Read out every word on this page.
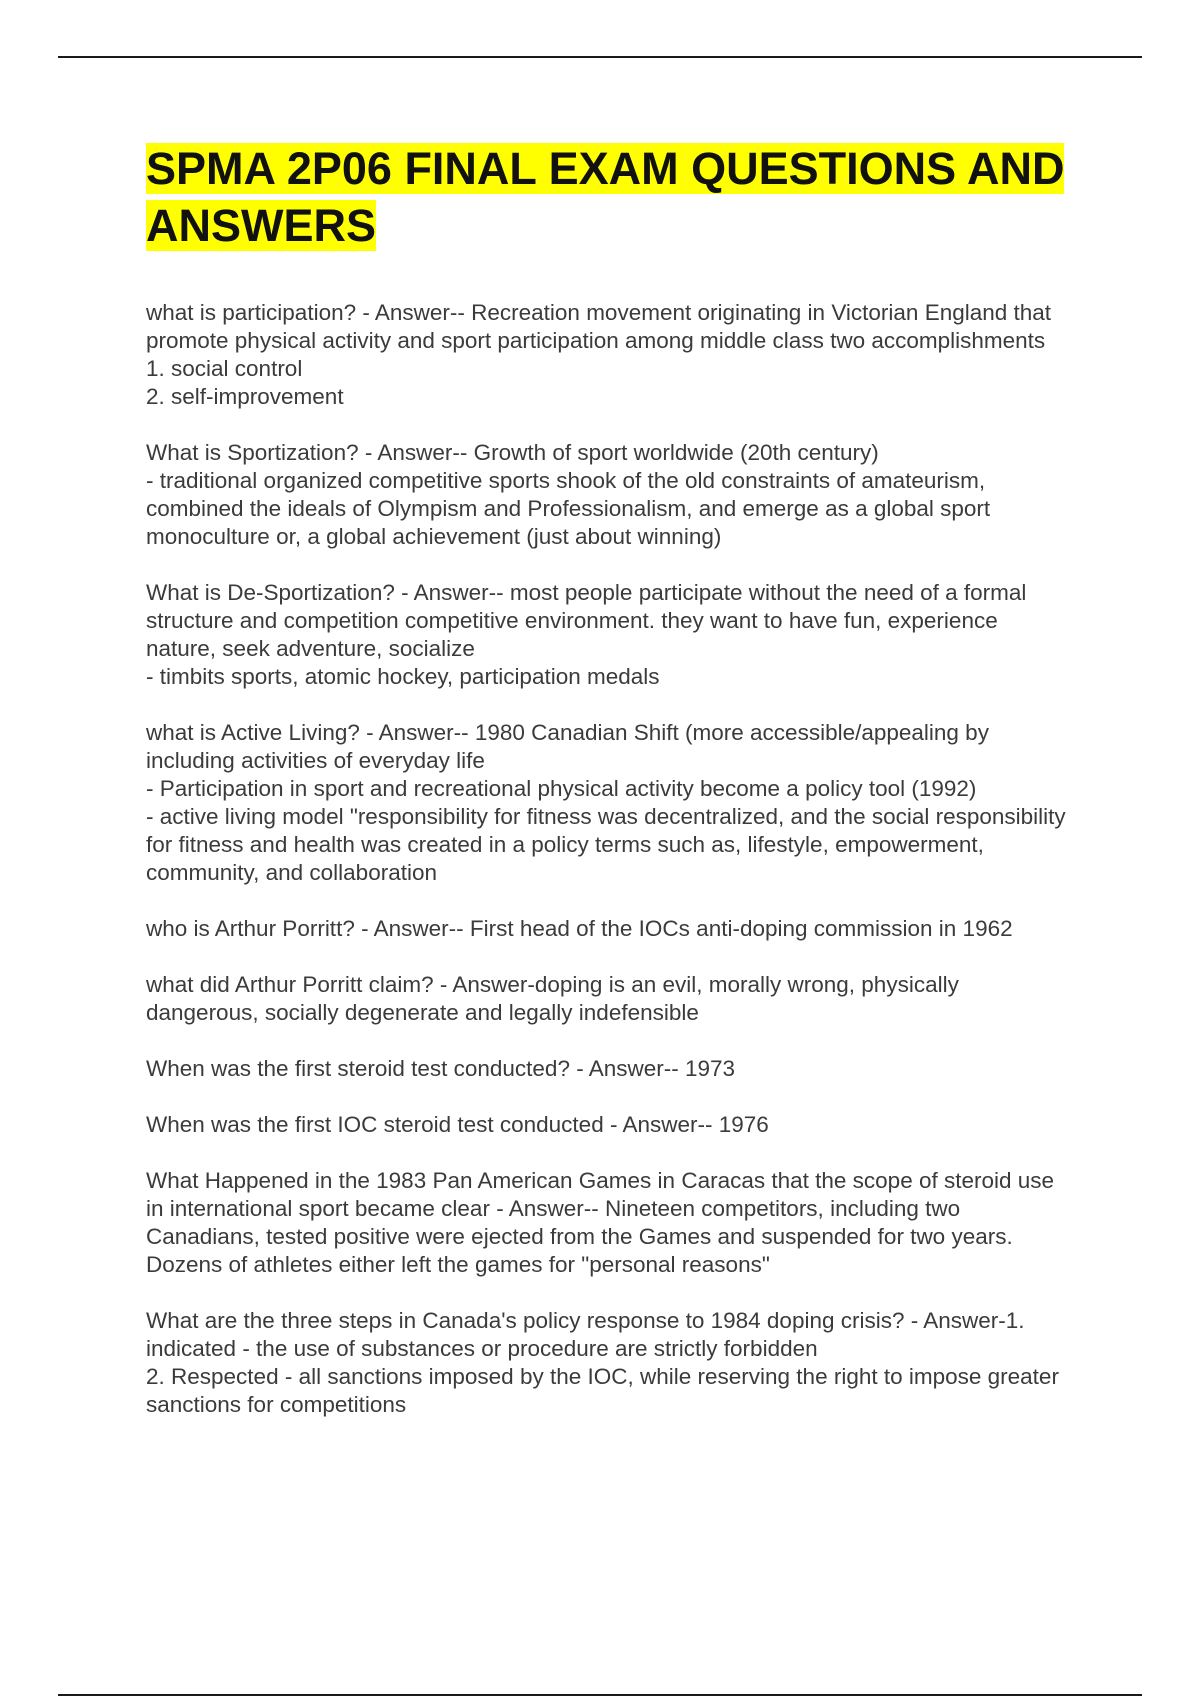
SPMA 2P06 FINAL EXAM QUESTIONS AND ANSWERS

what is participation? - Answer-- Recreation movement originating in Victorian England that promote physical activity and sport participation among middle class two accomplishments
1. social control
2. self-improvement

What is Sportization? - Answer-- Growth of sport worldwide (20th century)
- traditional organized competitive sports shook of the old constraints of amateurism, combined the ideals of Olympism and Professionalism, and emerge as a global sport monoculture or, a global achievement (just about winning)

What is De-Sportization? - Answer-- most people participate without the need of a formal structure and competition competitive environment. they want to have fun, experience nature, seek adventure, socialize
- timbits sports, atomic hockey, participation medals

what is Active Living? - Answer-- 1980 Canadian Shift (more accessible/appealing by including activities of everyday life
- Participation in sport and recreational physical activity become a policy tool (1992)
- active living model "responsibility for fitness was decentralized, and the social responsibility for fitness and health was created in a policy terms such as, lifestyle, empowerment, community, and collaboration

who is Arthur Porritt? - Answer-- First head of the IOCs anti-doping commission in 1962

what did Arthur Porritt claim? - Answer-doping is an evil, morally wrong, physically dangerous, socially degenerate and legally indefensible

When was the first steroid test conducted? - Answer-- 1973

When was the first IOC steroid test conducted - Answer-- 1976

What Happened in the 1983 Pan American Games in Caracas that the scope of steroid use in international sport became clear - Answer-- Nineteen competitors, including two Canadians, tested positive were ejected from the Games and suspended for two years. Dozens of athletes either left the games for "personal reasons"

What are the three steps in Canada's policy response to 1984 doping crisis? - Answer-1. indicated - the use of substances or procedure are strictly forbidden
2. Respected - all sanctions imposed by the IOC, while reserving the right to impose greater sanctions for competitions
